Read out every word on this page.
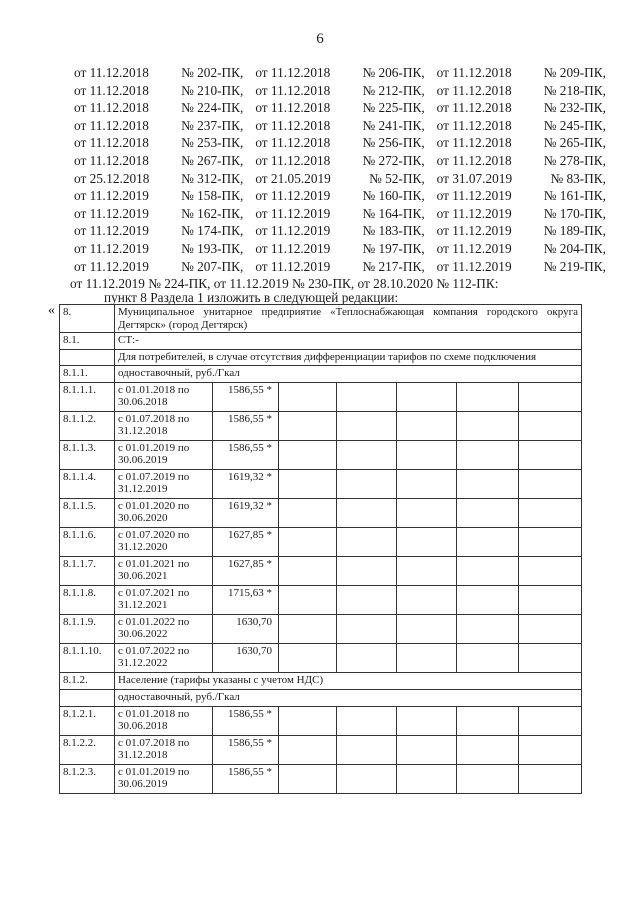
6
от 11.12.2018 № 202-ПК, от 11.12.2018 № 206-ПК, от 11.12.2018 № 209-ПК,
от 11.12.2018 № 210-ПК, от 11.12.2018 № 212-ПК, от 11.12.2018 № 218-ПК,
от 11.12.2018 № 224-ПК, от 11.12.2018 № 225-ПК, от 11.12.2018 № 232-ПК,
от 11.12.2018 № 237-ПК, от 11.12.2018 № 241-ПК, от 11.12.2018 № 245-ПК,
от 11.12.2018 № 253-ПК, от 11.12.2018 № 256-ПК, от 11.12.2018 № 265-ПК,
от 11.12.2018 № 267-ПК, от 11.12.2018 № 272-ПК, от 11.12.2018 № 278-ПК,
от 25.12.2018 № 312-ПК, от 21.05.2019	№ 52-ПК, от 31.07.2019	№ 83-ПК,
от 11.12.2019 № 158-ПК, от 11.12.2019 № 160-ПК, от 11.12.2019 № 161-ПК,
от 11.12.2019 № 162-ПК, от 11.12.2019 № 164-ПК, от 11.12.2019 № 170-ПК,
от 11.12.2019 № 174-ПК, от 11.12.2019 № 183-ПК, от 11.12.2019 № 189-ПК,
от 11.12.2019 № 193-ПК, от 11.12.2019 № 197-ПК, от 11.12.2019 № 204-ПК,
от 11.12.2019 № 207-ПК, от 11.12.2019 № 217-ПК, от 11.12.2019 № 219-ПК,
от 11.12.2019 № 224-ПК, от 11.12.2019 № 230-ПК, от 28.10.2020 № 112-ПК:
пункт 8 Раздела 1 изложить в следующей редакции:
« 8.	Муниципальное унитарное предприятие «Теплоснабжающая компания городского округа Дегтярск» (город Дегтярск)						
8.1.	СТ:-						
	Для потребителей, в случае отсутствия дифференциации тарифов по схеме подключения						
8.1.1.	одноставочный, руб./Гкал						
8.1.1.1.	с 01.01.2018 по 30.06.2018	1586,55 *					
8.1.1.2.	с 01.07.2018 по 31.12.2018	1586,55 *					
8.1.1.3.	с 01.01.2019 по 30.06.2019	1586,55 *					
8.1.1.4.	с 01.07.2019 по 31.12.2019	1619,32 *					
8.1.1.5.	с 01.01.2020 по 30.06.2020	1619,32 *					
8.1.1.6.	с 01.07.2020 по 31.12.2020	1627,85 *					
8.1.1.7.	с 01.01.2021 по 30.06.2021	1627,85 *					
8.1.1.8.	с 01.07.2021 по 31.12.2021	1715,63 *					
8.1.1.9.	с 01.01.2022 по 30.06.2022	1630,70					
8.1.1.10.	с 01.07.2022 по 31.12.2022	1630,70					
8.1.2.	Население (тарифы указаны с учетом НДС)						
	одноставочный, руб./Гкал						
8.1.2.1.	с 01.01.2018 по 30.06.2018	1586,55 *					
8.1.2.2.	с 01.07.2018 по 31.12.2018	1586,55 *					
8.1.2.3.	с 01.01.2019 по 30.06.2019	1586,55 *					
